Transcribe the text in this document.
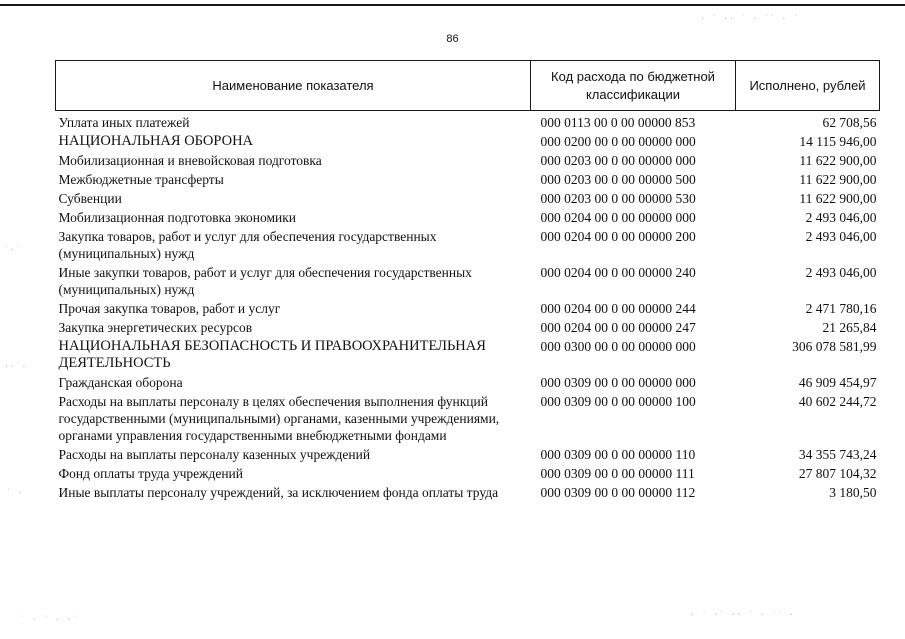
86
Наименование показателя	Код расхода по бюджетной классификации	Исполнено, рублей
Уплата иных платежей	000 0113 00 0 00 00000 853	62 708,56
НАЦИОНАЛЬНАЯ ОБОРОНА	000 0200 00 0 00 00000 000	14 115 946,00
Мобилизационная и вневойсковая подготовка	000 0203 00 0 00 00000 000	11 622 900,00
Межбюджетные трансферты	000 0203 00 0 00 00000 500	11 622 900,00
Субвенции	000 0203 00 0 00 00000 530	11 622 900,00
Мобилизационная подготовка экономики	000 0204 00 0 00 00000 000	2 493 046,00
Закупка товаров, работ и услуг для обеспечения государственных (муниципальных) нужд	000 0204 00 0 00 00000 200	2 493 046,00
Иные закупки товаров, работ и услуг для обеспечения государственных (муниципальных) нужд	000 0204 00 0 00 00000 240	2 493 046,00
Прочая закупка товаров, работ и услуг	000 0204 00 0 00 00000 244	2 471 780,16
Закупка энергетических ресурсов	000 0204 00 0 00 00000 247	21 265,84
НАЦИОНАЛЬНАЯ БЕЗОПАСНОСТЬ И ПРАВООХРАНИТЕЛЬНАЯ ДЕЯТЕЛЬНОСТЬ	000 0300 00 0 00 00000 000	306 078 581,99
Гражданская оборона	000 0309 00 0 00 00000 000	46 909 454,97
Расходы на выплаты персоналу в целях обеспечения выполнения функций государственными (муниципальными) органами, казенными учреждениями, органами управления государственными внебюджетными фондами	000 0309 00 0 00 00000 100	40 602 244,72
Расходы на выплаты персоналу казенных учреждений	000 0309 00 0 00 00000 110	34 355 743,24
Фонд оплаты труда учреждений	000 0309 00 0 00 00000 111	27 807 104,32
Иные выплаты персоналу учреждений, за исключением фонда оплаты труда	000 0309 00 0 00 00000 112	3 180,50
· ˙ ·· ˙ · ˙˙ · ˙
˙·˙
··˙·
˙ ·
· ˙ ·˙ ·· ˙ · ˙˙ ·
˙ · ˙ · ·˙
